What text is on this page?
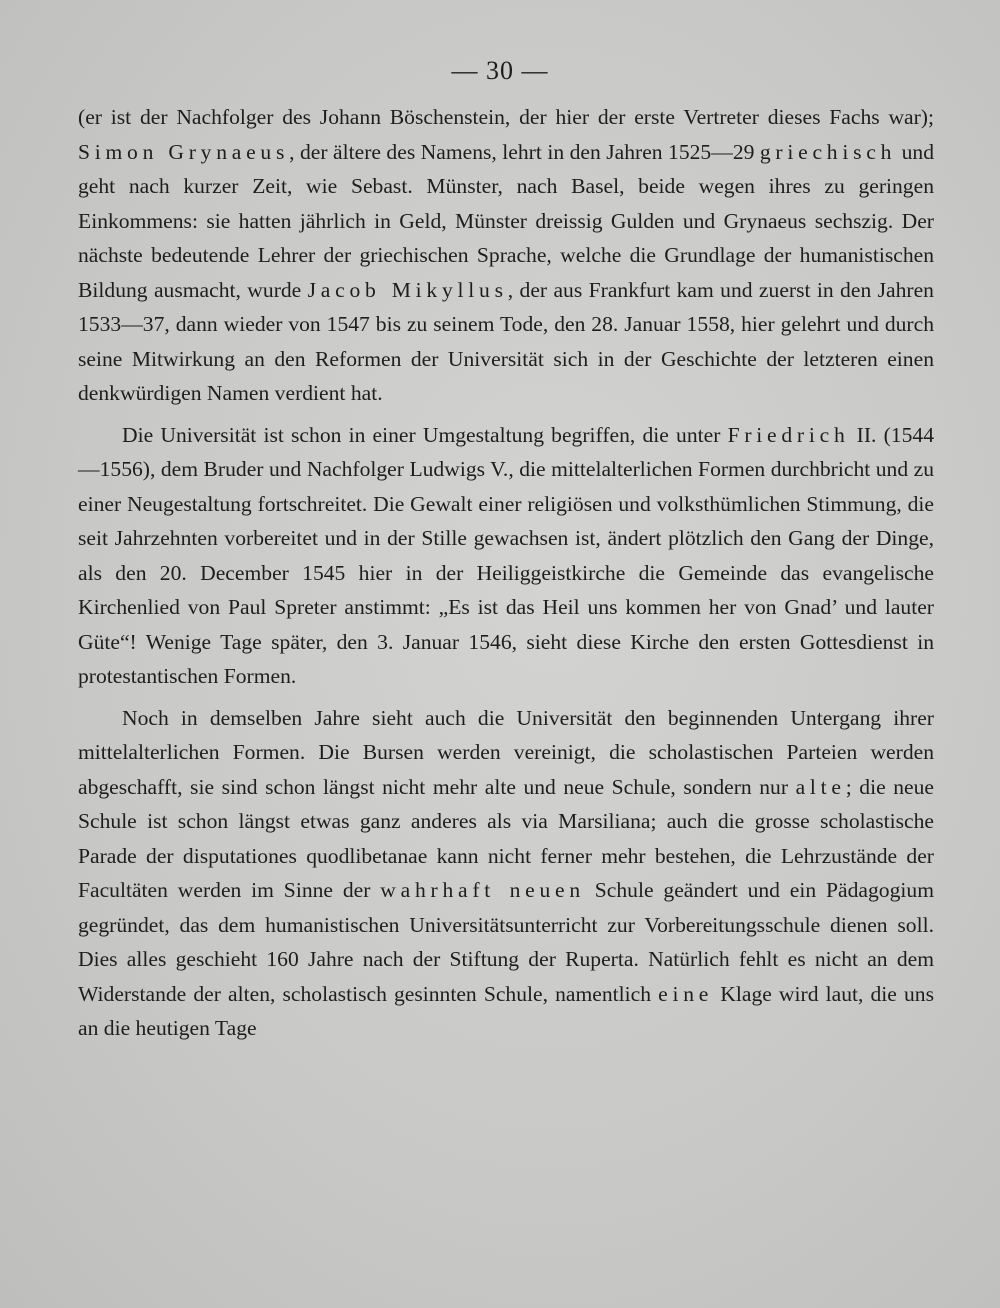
— 30 —

(er ist der Nachfolger des Johann Böschenstein, der hier der erste Vertreter dieses Fachs war); Simon Grynaeus, der ältere des Namens, lehrt in den Jahren 1525—29 griechisch und geht nach kurzer Zeit, wie Sebast. Münster, nach Basel, beide wegen ihres zu geringen Einkommens: sie hatten jährlich in Geld, Münster dreissig Gulden und Grynaeus sechszig. Der nächste bedeutende Lehrer der griechischen Sprache, welche die Grundlage der humanistischen Bildung ausmacht, wurde Jacob Mikyllus, der aus Frankfurt kam und zuerst in den Jahren 1533—37, dann wieder von 1547 bis zu seinem Tode, den 28. Januar 1558, hier gelehrt und durch seine Mitwirkung an den Reformen der Universität sich in der Geschichte der letzteren einen denkwürdigen Namen verdient hat.

Die Universität ist schon in einer Umgestaltung begriffen, die unter Friedrich II. (1544—1556), dem Bruder und Nachfolger Ludwigs V., die mittelalterlichen Formen durchbricht und zu einer Neugestaltung fortschreitet. Die Gewalt einer religiösen und volksthümlichen Stimmung, die seit Jahrzehnten vorbereitet und in der Stille gewachsen ist, ändert plötzlich den Gang der Dinge, als den 20. December 1545 hier in der Heiliggeistkirche die Gemeinde das evangelische Kirchenlied von Paul Spreter anstimmt: „Es ist das Heil uns kommen her von Gnad’ und lauter Güte“! Wenige Tage später, den 3. Januar 1546, sieht diese Kirche den ersten Gottesdienst in protestantischen Formen.

Noch in demselben Jahre sieht auch die Universität den beginnenden Untergang ihrer mittelalterlichen Formen. Die Bursen werden vereinigt, die scholastischen Parteien werden abgeschafft, sie sind schon längst nicht mehr alte und neue Schule, sondern nur alte; die neue Schule ist schon längst etwas ganz anderes als via Marsiliana; auch die grosse scholastische Parade der disputationes quodlibetanae kann nicht ferner mehr bestehen, die Lehrzustände der Facultäten werden im Sinne der wahrhaft neuen Schule geändert und ein Pädagogium gegründet, das dem humanistischen Universitätsunterricht zur Vorbereitungsschule dienen soll. Dies alles geschieht 160 Jahre nach der Stiftung der Ruperta. Natürlich fehlt es nicht an dem Widerstande der alten, scholastisch gesinnten Schule, namentlich eine Klage wird laut, die uns an die heutigen Tage
